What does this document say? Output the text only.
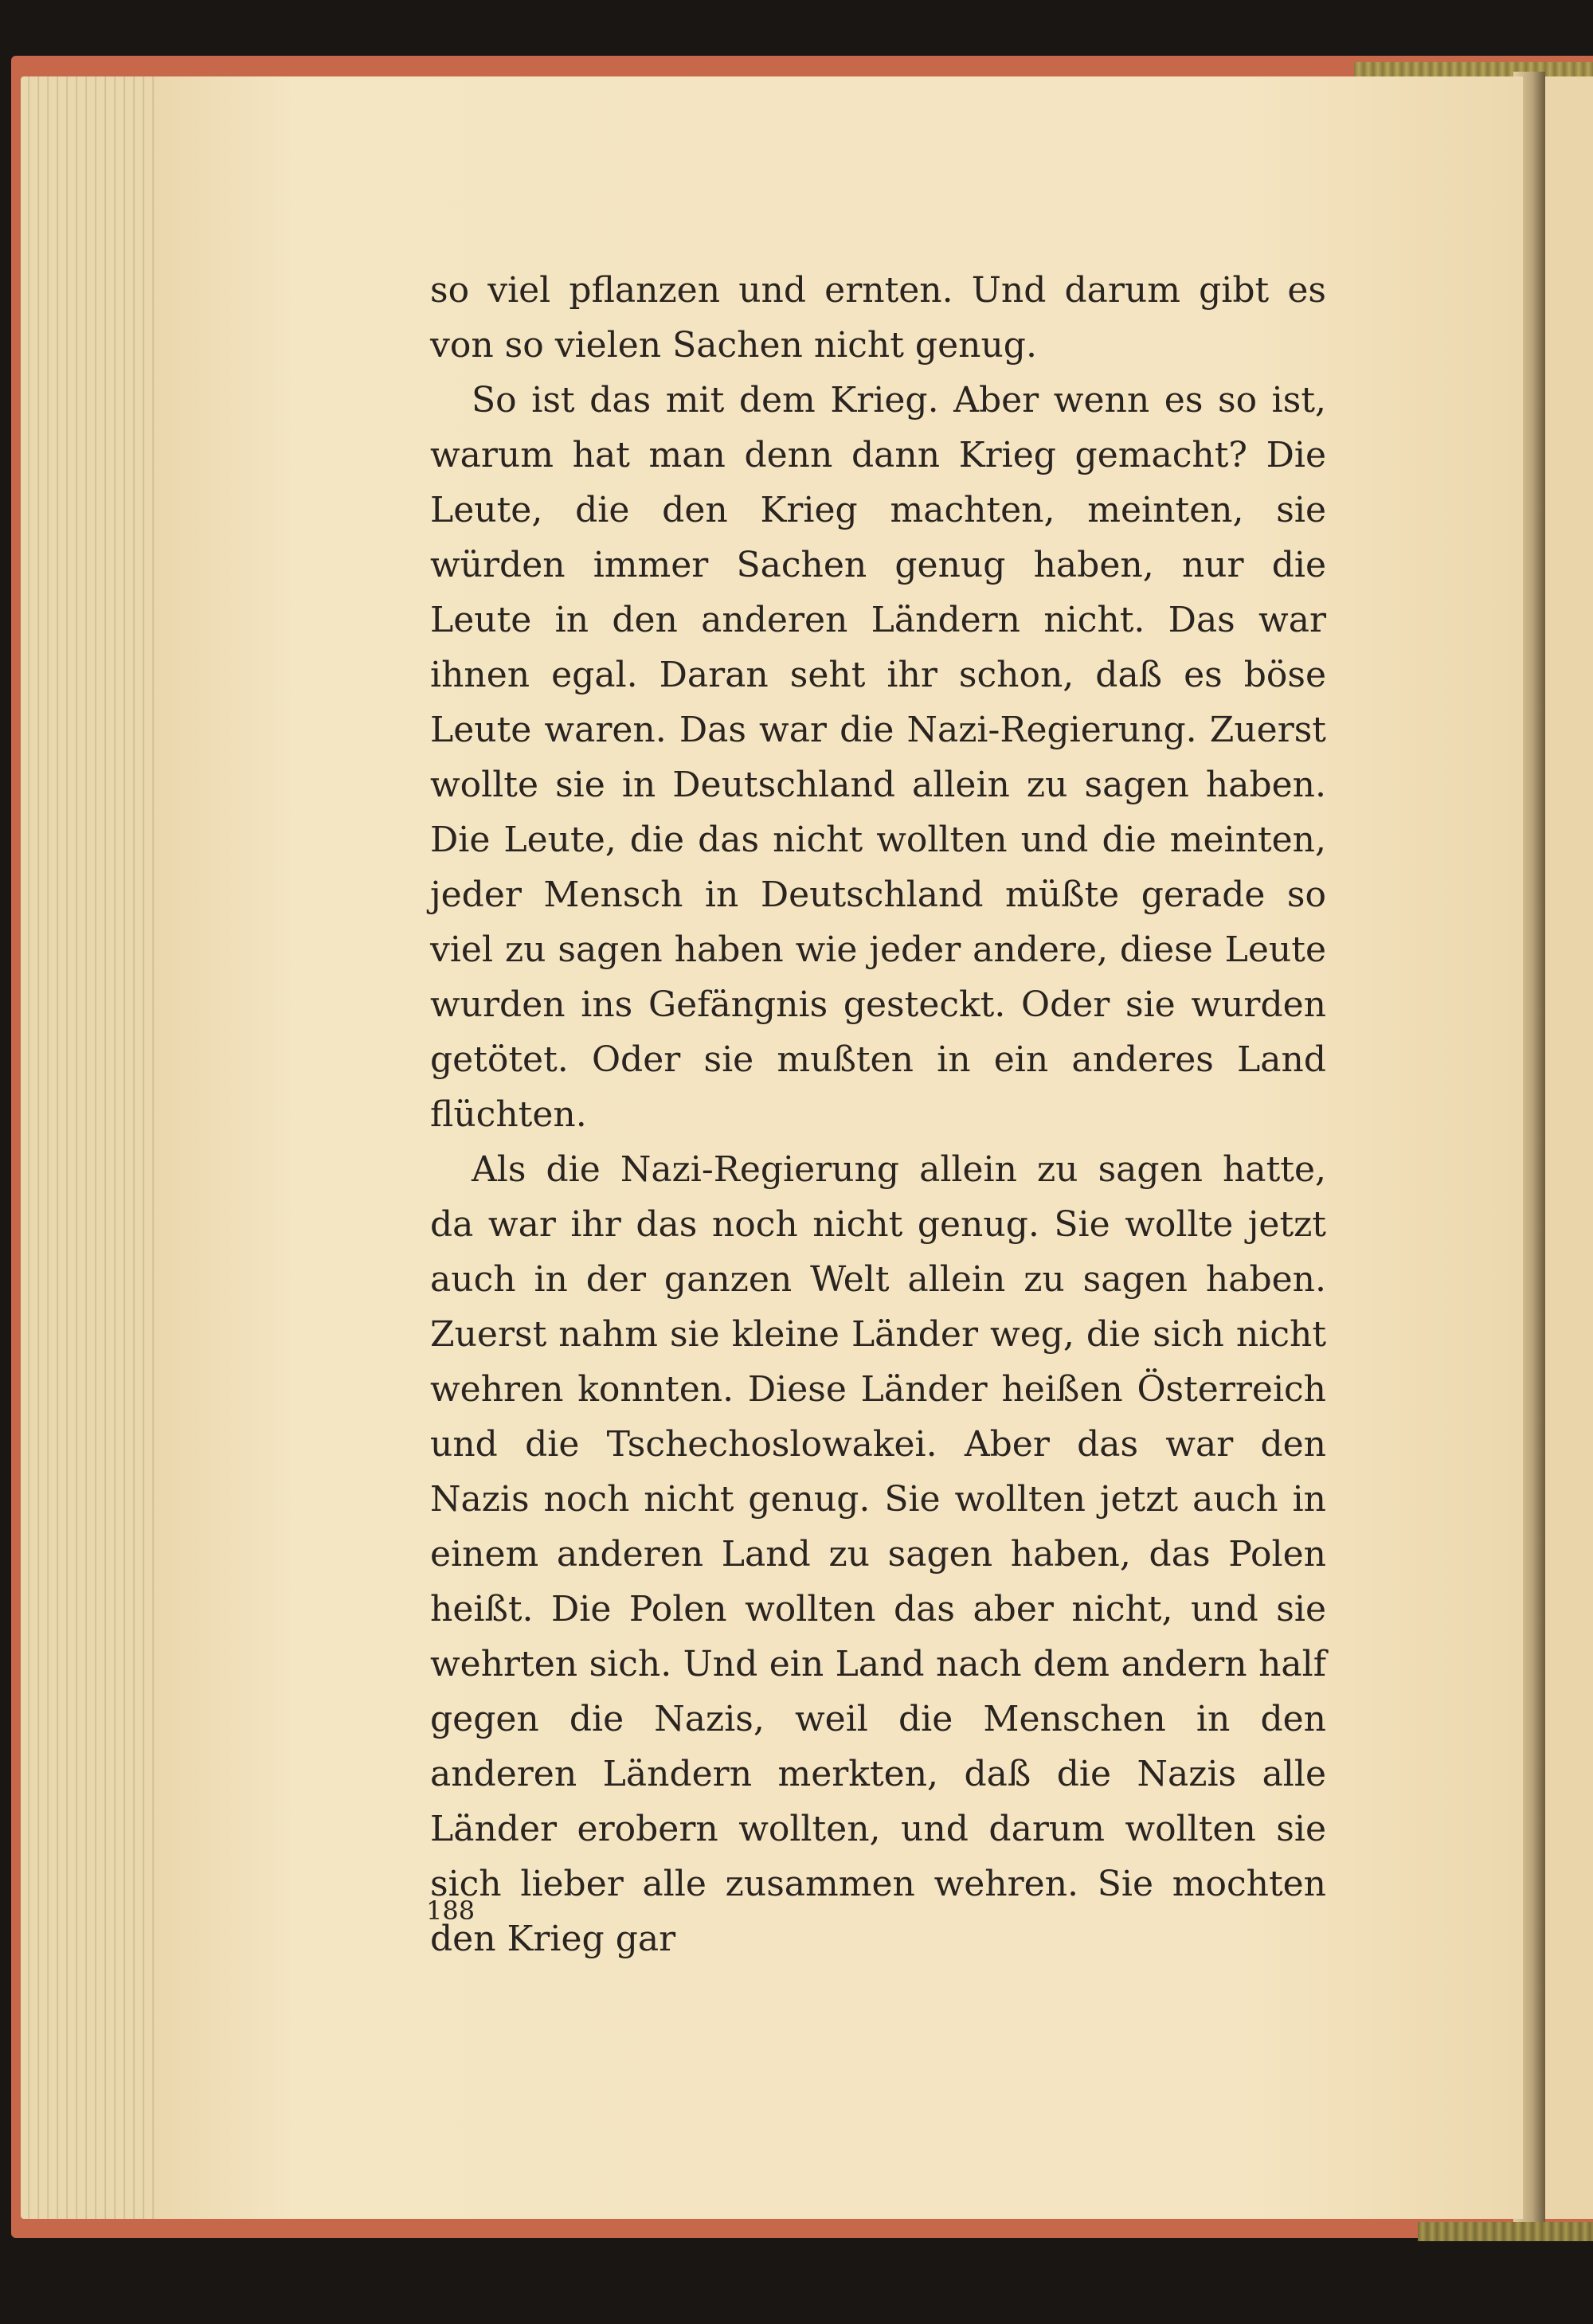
so viel pflanzen und ernten. Und darum gibt es von so vielen Sachen nicht genug.

So ist das mit dem Krieg. Aber wenn es so ist, warum hat man denn dann Krieg gemacht? Die Leute, die den Krieg machten, meinten, sie würden immer Sachen genug haben, nur die Leute in den anderen Ländern nicht. Das war ihnen egal. Daran seht ihr schon, daß es böse Leute waren. Das war die Nazi-Regierung. Zuerst wollte sie in Deutschland allein zu sagen haben. Die Leute, die das nicht wollten und die meinten, jeder Mensch in Deutschland müßte gerade so viel zu sagen haben wie jeder andere, diese Leute wurden ins Gefängnis gesteckt. Oder sie wurden getötet. Oder sie mußten in ein anderes Land flüchten.

Als die Nazi-Regierung allein zu sagen hatte, da war ihr das noch nicht genug. Sie wollte jetzt auch in der ganzen Welt allein zu sagen haben. Zuerst nahm sie kleine Länder weg, die sich nicht wehren konnten. Diese Länder heißen Österreich und die Tschechoslowakei. Aber das war den Nazis noch nicht genug. Sie wollten jetzt auch in einem anderen Land zu sagen haben, das Polen heißt. Die Polen wollten das aber nicht, und sie wehrten sich. Und ein Land nach dem andern half gegen die Nazis, weil die Menschen in den anderen Ländern merkten, daß die Nazis alle Länder erobern wollten, und darum wollten sie sich lieber alle zusammen wehren. Sie mochten den Krieg gar

188
